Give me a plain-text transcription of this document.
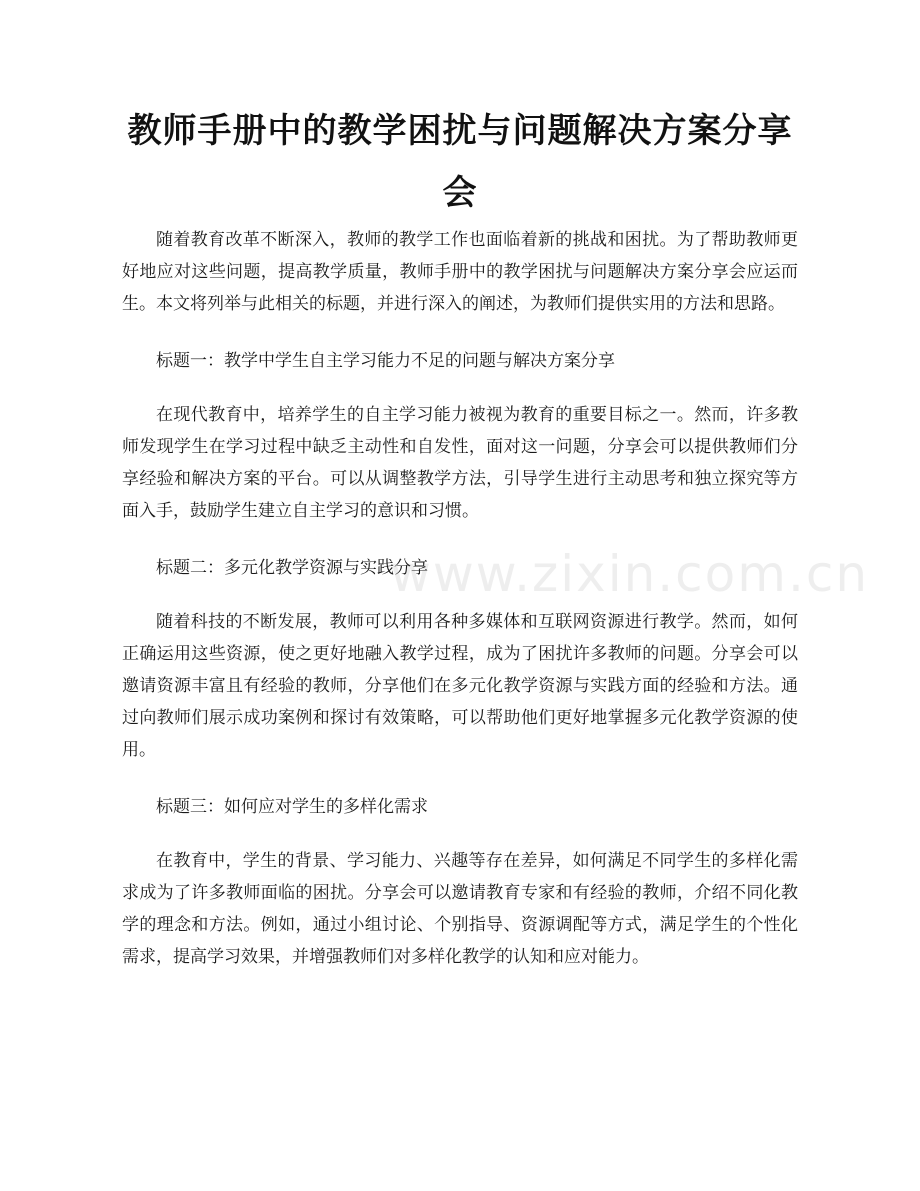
教师手册中的教学困扰与问题解决方案分享会

随着教育改革不断深入，教师的教学工作也面临着新的挑战和困扰。为了帮助教师更好地应对这些问题，提高教学质量，教师手册中的教学困扰与问题解决方案分享会应运而生。本文将列举与此相关的标题，并进行深入的阐述，为教师们提供实用的方法和思路。

标题一：教学中学生自主学习能力不足的问题与解决方案分享

在现代教育中，培养学生的自主学习能力被视为教育的重要目标之一。然而，许多教师发现学生在学习过程中缺乏主动性和自发性，面对这一问题，分享会可以提供教师们分享经验和解决方案的平台。可以从调整教学方法，引导学生进行主动思考和独立探究等方面入手，鼓励学生建立自主学习的意识和习惯。

标题二：多元化教学资源与实践分享

随着科技的不断发展，教师可以利用各种多媒体和互联网资源进行教学。然而，如何正确运用这些资源，使之更好地融入教学过程，成为了困扰许多教师的问题。分享会可以邀请资源丰富且有经验的教师，分享他们在多元化教学资源与实践方面的经验和方法。通过向教师们展示成功案例和探讨有效策略，可以帮助他们更好地掌握多元化教学资源的使用。

标题三：如何应对学生的多样化需求

在教育中，学生的背景、学习能力、兴趣等存在差异，如何满足不同学生的多样化需求成为了许多教师面临的困扰。分享会可以邀请教育专家和有经验的教师，介绍不同化教学的理念和方法。例如，通过小组讨论、个别指导、资源调配等方式，满足学生的个性化需求，提高学习效果，并增强教师们对多样化教学的认知和应对能力。

www.zixin.com.cn
